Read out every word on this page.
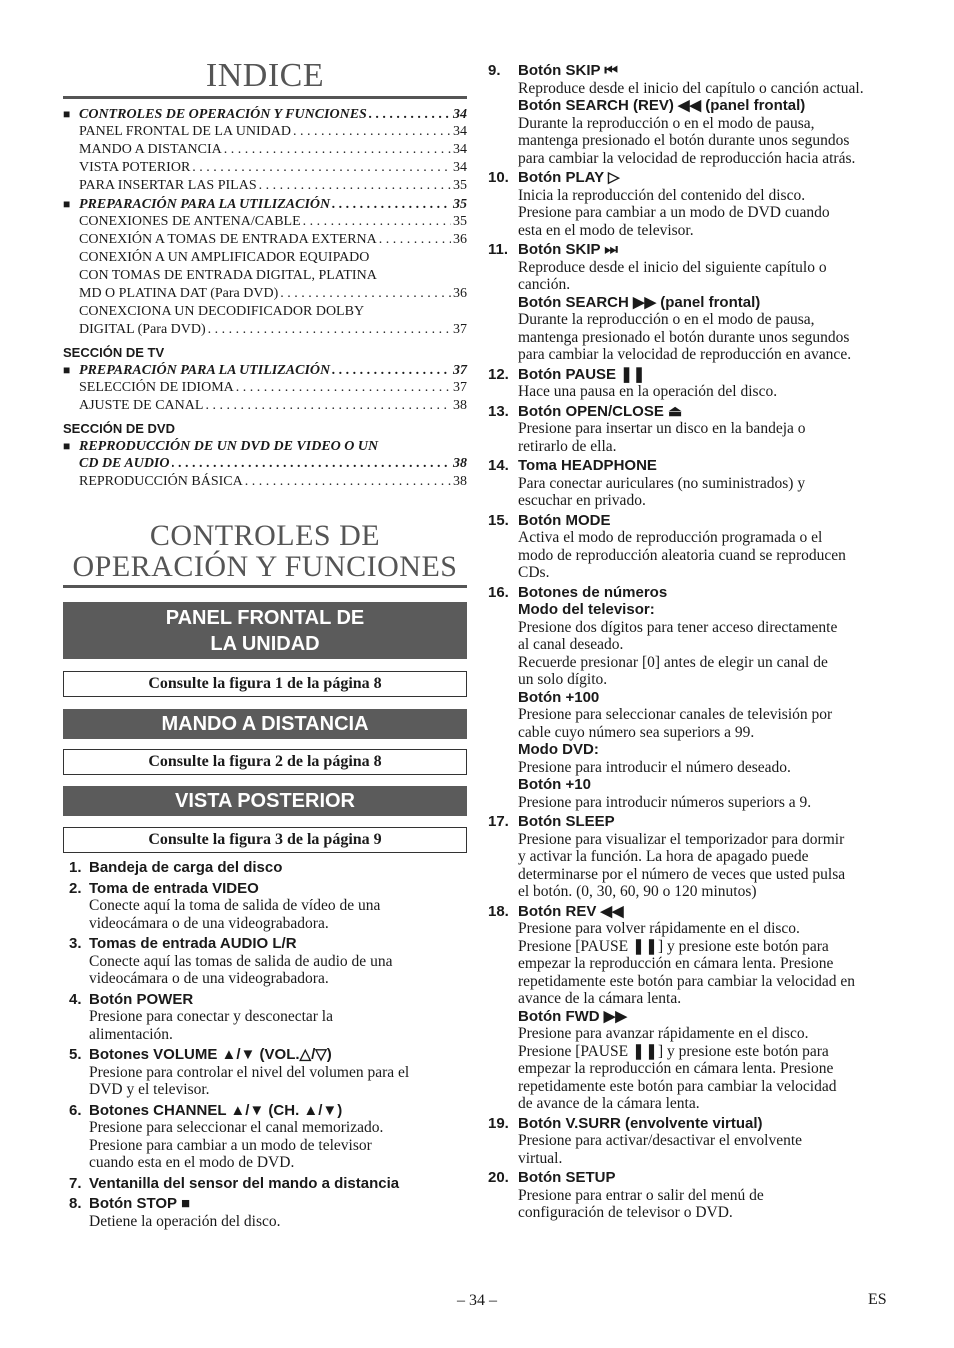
INDICE
■ CONTROLES DE OPERACIÓN Y FUNCIONES . . .	34
PANEL FRONTAL DE LA UNIDAD . . .	34
MANDO A DISTANCIA . . .	34
VISTA POTERIOR . . .	34
PARA INSERTAR LAS PILAS . . .	35
■ PREPARACIÓN PARA LA UTILIZACIÓN . . .	35
CONEXIONES DE ANTENA/CABLE . . .	35
CONEXIÓN A TOMAS DE ENTRADA EXTERNA . . .	36
CONEXIÓN A UN AMPLIFICADOR EQUIPADO
CON TOMAS DE ENTRADA DIGITAL, PLATINA
MD O PLATINA DAT (Para DVD) . . .	36
CONEXCIONA UN DECODIFICADOR DOLBY
DIGITAL (Para DVD) . . .	37
SECCIÓN DE TV
■ PREPARACIÓN PARA LA UTILIZACIÓN . . .	37
SELECCIÓN DE IDIOMA . . .	37
AJUSTE DE CANAL . . .	38
SECCIÓN DE DVD
■ REPRODUCCIÓN DE UN DVD DE VIDEO O UN
CD DE AUDIO . . .	38
REPRODUCCIÓN BÁSICA . . .	38
CONTROLES DE
OPERACIÓN Y FUNCIONES
PANEL FRONTAL DE
LA UNIDAD
Consulte la figura 1 de la página 8
MANDO A DISTANCIA
Consulte la figura 2 de la página 8
VISTA POSTERIOR
Consulte la figura 3 de la página 9
1. Bandeja de carga del disco
2. Toma de entrada VIDEO
Conecte aquí la toma de salida de vídeo de una
videocámara o de una videograbadora.
3. Tomas de entrada AUDIO L/R
Conecte aquí las tomas de salida de audio de una
videocámara o de una videograbadora.
4. Botón POWER
Presione para conectar y desconectar la
alimentación.
5. Botones VOLUME ▲/▼ (VOL.△/▽)
Presione para controlar el nivel del volumen para el
DVD y el televisor.
6. Botones CHANNEL ▲/▼ (CH. ▲/▼)
Presione para seleccionar el canal memorizado.
Presione para cambiar a un modo de televisor
cuando esta en el modo de DVD.
7. Ventanilla del sensor del mando a distancia
8. Botón STOP ■
Detiene la operación del disco.
9. Botón SKIP ⏮
Reproduce desde el inicio del capítulo o canción actual.
Botón SEARCH (REV) ◀◀ (panel frontal)
Durante la reproducción o en el modo de pausa,
mantenga presionado el botón durante unos segundos
para cambiar la velocidad de reproducción hacia atrás.
10. Botón PLAY ▷
Inicia la reproducción del contenido del disco.
Presione para cambiar a un modo de DVD cuando
esta en el modo de televisor.
11. Botón SKIP ⏭
Reproduce desde el inicio del siguiente capítulo o
canción.
Botón SEARCH ▶▶ (panel frontal)
Durante la reproducción o en el modo de pausa,
mantenga presionado el botón durante unos segundos
para cambiar la velocidad de reproducción en avance.
12. Botón PAUSE ❚❚
Hace una pausa en la operación del disco.
13. Botón OPEN/CLOSE ⏏
Presione para insertar un disco en la bandeja o
retirarlo de ella.
14. Toma HEADPHONE
Para conectar auriculares (no suministrados) y
escuchar en privado.
15. Botón MODE
Activa el modo de reproducción programada o el
modo de reproducción aleatoria cuand se reproducen
CDs.
16. Botones de números
Modo del televisor:
Presione dos dígitos para tener acceso directamente
al canal deseado.
Recuerde presionar [0] antes de elegir un canal de
un solo dígito.
Botón +100
Presione para seleccionar canales de televisión por
cable cuyo número sea superiors a 99.
Modo DVD:
Presione para introducir el número deseado.
Botón +10
Presione para introducir números superiors a 9.
17. Botón SLEEP
Presione para visualizar el temporizador para dormir
y activar la función. La hora de apagado puede
determinarse por el número de veces que usted pulsa
el botón. (0, 30, 60, 90 o 120 minutos)
18. Botón REV ◀◀
Presione para volver rápidamente en el disco.
Presione [PAUSE ❚❚] y presione este botón para
empezar la reproducción en cámara lenta. Presione
repetidamente este botón para cambiar la velocidad en
avance de la cámara lenta.
Botón FWD ▶▶
Presione para avanzar rápidamente en el disco.
Presione [PAUSE ❚❚] y presione este botón para
empezar la reproducción en cámara lenta. Presione
repetidamente este botón para cambiar la velocidad
de avance de la cámara lenta.
19. Botón V.SURR (envolvente virtual)
Presione para activar/desactivar el envolvente
virtual.
20. Botón SETUP
Presione para entrar o salir del menú de
configuración de televisor o DVD.
– 34 –	ES
